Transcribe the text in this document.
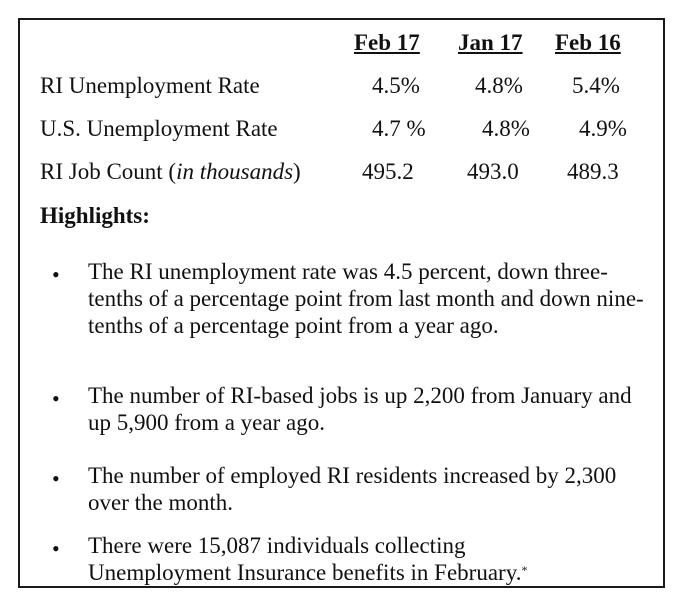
Feb 17 Jan 17 Feb 16
RI Unemployment Rate	4.5% 4.8% 5.4%
U.S. Unemployment Rate	4.7 % 4.8% 4.9%
RI Job Count (in thousands)	495.2 493.0 489.3
Highlights:
• The RI unemployment rate was 4.5 percent, down three-tenths of a percentage point from last month and down nine-tenths of a percentage point from a year ago.
• The number of RI-based jobs is up 2,200 from January and up 5,900 from a year ago.
• The number of employed RI residents increased by 2,300 over the month.
• There were 15,087 individuals collecting Unemployment Insurance benefits in February.*
